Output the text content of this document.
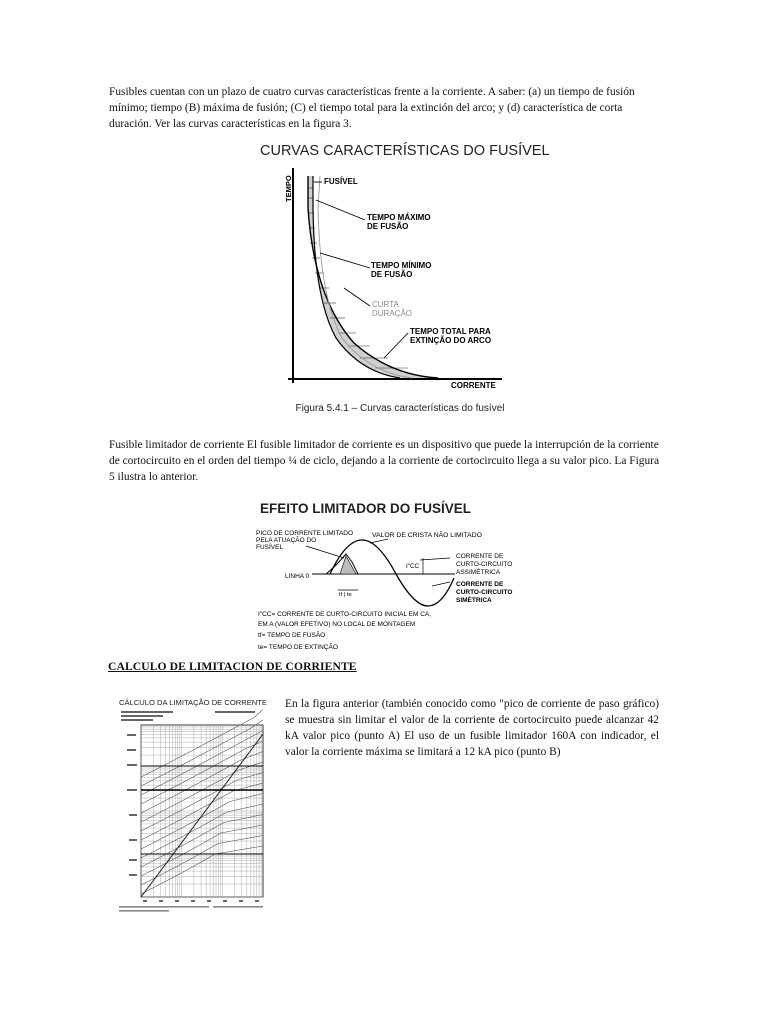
Fusibles cuentan con un plazo de cuatro curvas características frente a la corriente. A saber: (a) un tiempo de fusión mínimo; tiempo (B) máxima de fusión; (C) el tiempo total para la extinción del arco; y (d) característica de corta duración. Ver las curvas características en la figura 3.

CURVAS CARACTERÍSTICAS DO FUSÍVEL
TEMPO	FUSÍVEL
TEMPO MÁXIMO
DE FUSÃO
TEMPO MÍNIMO
DE FUSÃO
CURTA
DURAÇÃO
TEMPO TOTAL PARA
EXTINÇÃO DO ARCO
CORRENTE
Figura 5.4.1 – Curvas características do fusível

Fusible limitador de corriente El fusible limitador de corriente es un dispositivo que puede la interrupción de la corriente de cortocircuito en el orden del tiempo ¼ de ciclo, dejando a la corriente de cortocircuito llega a su valor pico. La Figura 5 ilustra lo anterior.

EFEITO LIMITADOR DO FUSÍVEL
PICO DE CORRENTE LIMITADO
PELA ATUAÇÃO DO
FUSÍVEL
VALOR DE CRISTA NÃO LIMITADO
LINHA 0
I"CC
tf | te
CORRENTE DE
CURTO-CIRCUITO
ASSIMÉTRICA
CORRENTE DE
CURTO-CIRCUITO
SIMÉTRICA
I"CC= CORRENTE DE CURTO-CIRCUITO INICIAL EM CA,
EM A (VALOR EFETIVO) NO LOCAL DE MONTAGEM
tf= TEMPO DE FUSÃO
te= TEMPO DE EXTINÇÃO

CALCULO DE LIMITACION DE CORRIENTE

CÁLCULO DA LIMITAÇÃO DE CORRENTE En la figura anterior (también conocido como "pico de corriente de paso gráfico) se muestra sin limitar el valor de la corriente de cortocircuito puede alcanzar 42 kA valor pico (punto A) El uso de un fusible limitador 160A con indicador, el valor la corriente máxima se limitará a 12 kA pico (punto B)
